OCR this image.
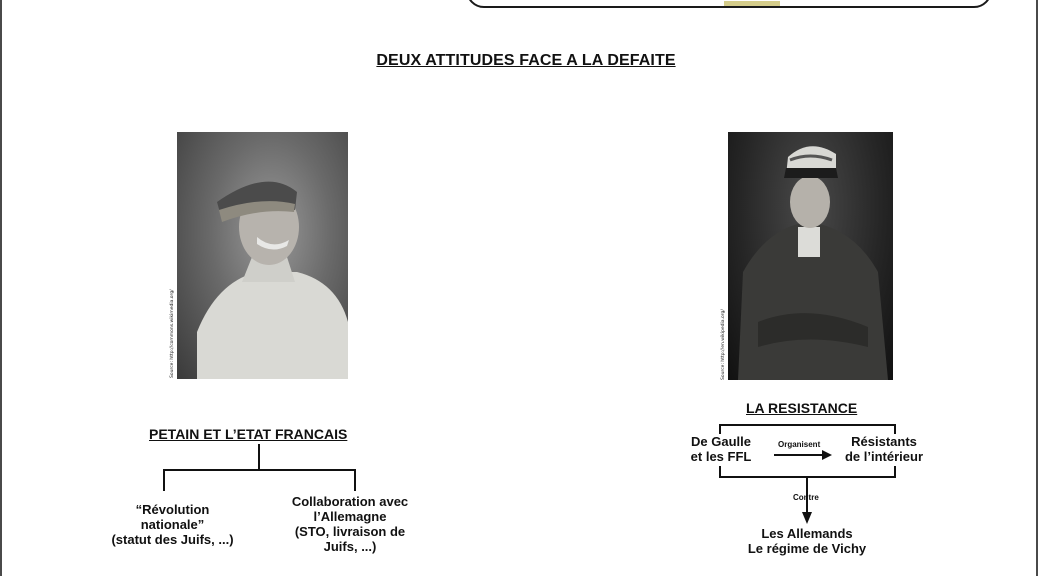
DEUX ATTITUDES FACE A LA DEFAITE
Source: http://commons.wikimedia.org/	Source: http://en.wikipedia.org/
PETAIN ET L’ETAT FRANCAIS
“Révolution
nationale”
(statut des Juifs, ...)
Collaboration avec
l’Allemagne
(STO, livraison de
Juifs, ...)
LA RESISTANCE
De Gaulle
et les FFL
Résistants
de l’intérieur
Organisent
Contre
Les Allemands
Le régime de Vichy
